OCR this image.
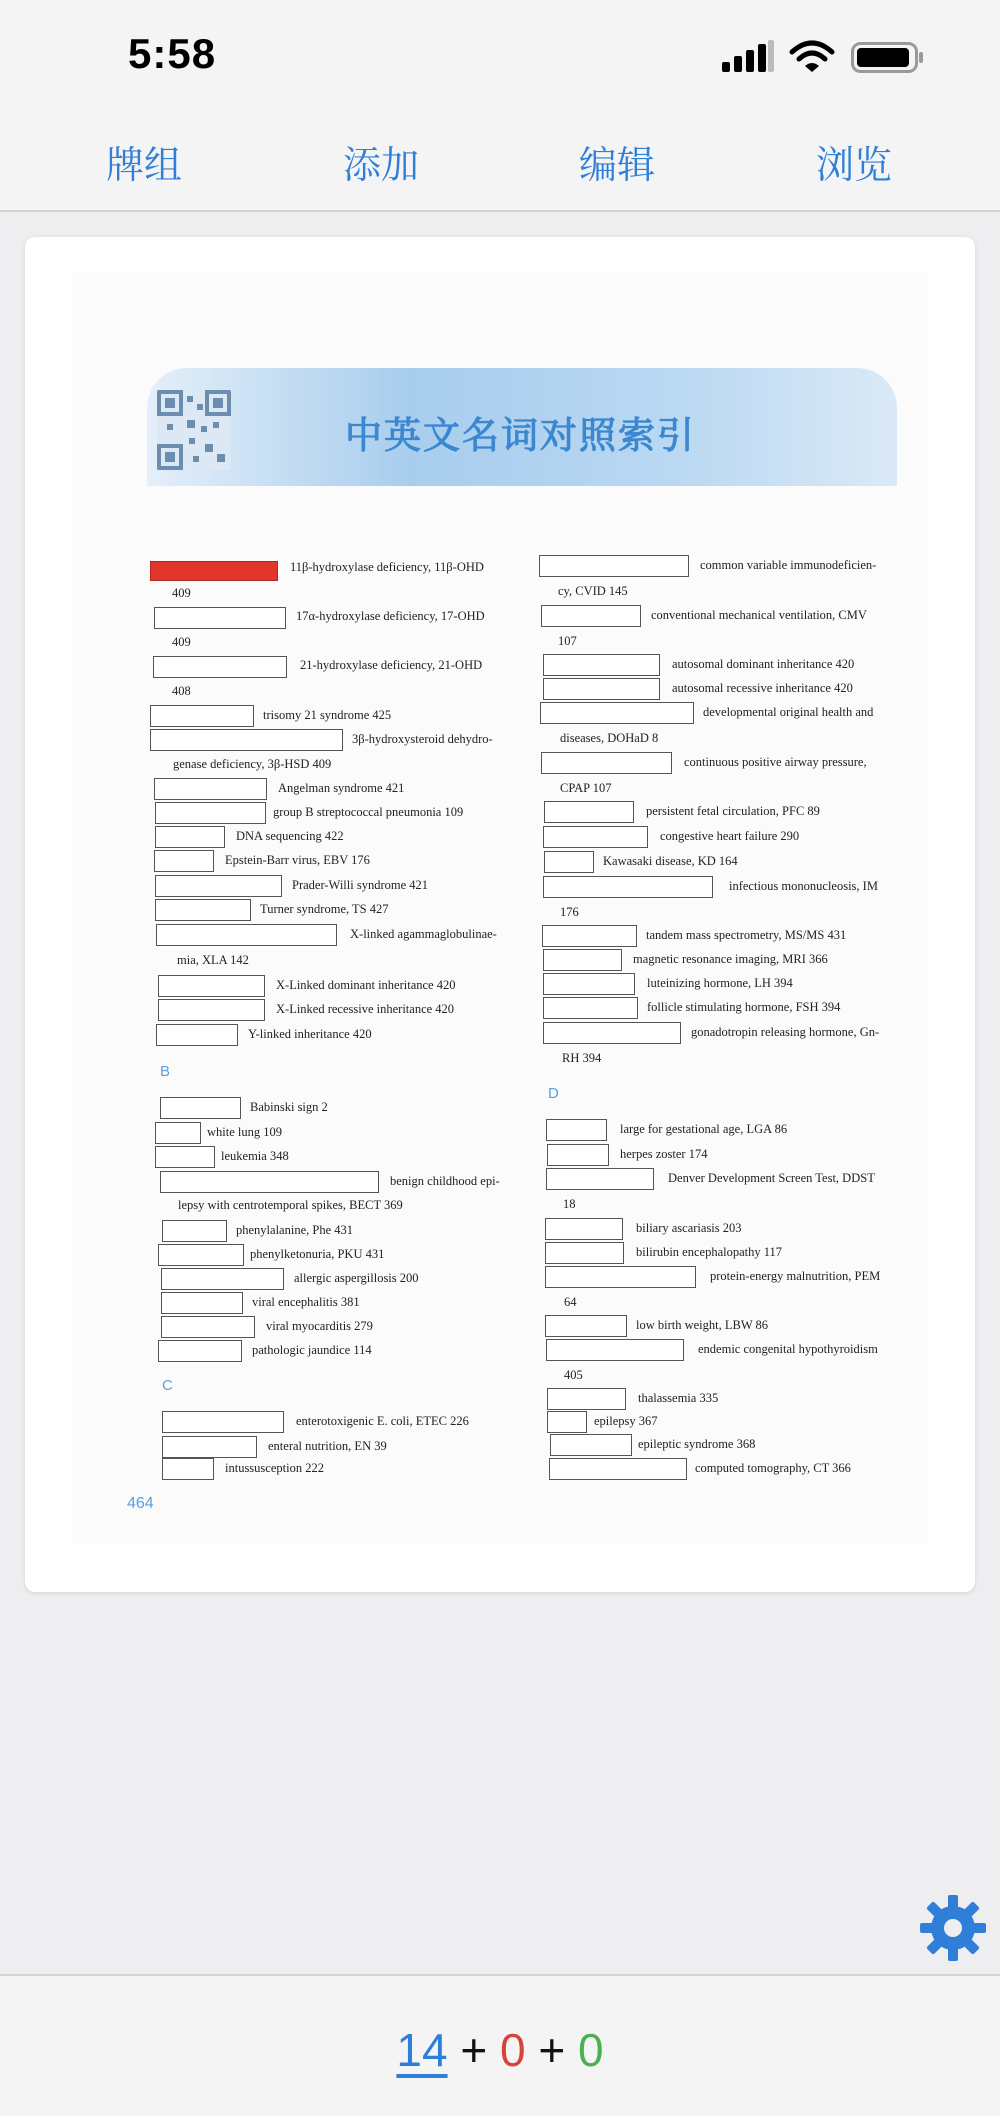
5:58
牌组	添加	编辑	浏览
中英文名词对照索引
11β-hydroxylase deficiency, 11β-OHD
409
17α-hydroxylase deficiency, 17-OHD
409
21-hydroxylase deficiency, 21-OHD
408
trisomy 21 syndrome 425
3β-hydroxysteroid dehydro-
genase deficiency, 3β-HSD 409
Angelman syndrome 421
group B streptococcal pneumonia 109
DNA sequencing 422
Epstein-Barr virus, EBV 176
Prader-Willi syndrome 421
Turner syndrome, TS 427
X-linked agammaglobulinae-
mia, XLA 142
X-Linked dominant inheritance 420
X-Linked recessive inheritance 420
Y-linked inheritance 420
B
Babinski sign 2
white lung 109
leukemia 348
benign childhood epi-
lepsy with centrotemporal spikes, BECT 369
phenylalanine, Phe 431
phenylketonuria, PKU 431
allergic aspergillosis 200
viral encephalitis 381
viral myocarditis 279
pathologic jaundice 114
C
enterotoxigenic E. coli, ETEC 226
enteral nutrition, EN 39
intussusception 222
common variable immunodeficien-
cy, CVID 145
conventional mechanical ventilation, CMV
107
autosomal dominant inheritance 420
autosomal recessive inheritance 420
developmental original health and
diseases, DOHaD 8
continuous positive airway pressure,
CPAP 107
persistent fetal circulation, PFC 89
congestive heart failure 290
Kawasaki disease, KD 164
infectious mononucleosis, IM
176
tandem mass spectrometry, MS/MS 431
magnetic resonance imaging, MRI 366
luteinizing hormone, LH 394
follicle stimulating hormone, FSH 394
gonadotropin releasing hormone, Gn-
RH 394
D
large for gestational age, LGA 86
herpes zoster 174
Denver Development Screen Test, DDST
18
biliary ascariasis 203
bilirubin encephalopathy 117
protein-energy malnutrition, PEM
64
low birth weight, LBW 86
endemic congenital hypothyroidism
405
thalassemia 335
epilepsy 367
epileptic syndrome 368
computed tomography, CT 366
464
14 + 0 + 0
